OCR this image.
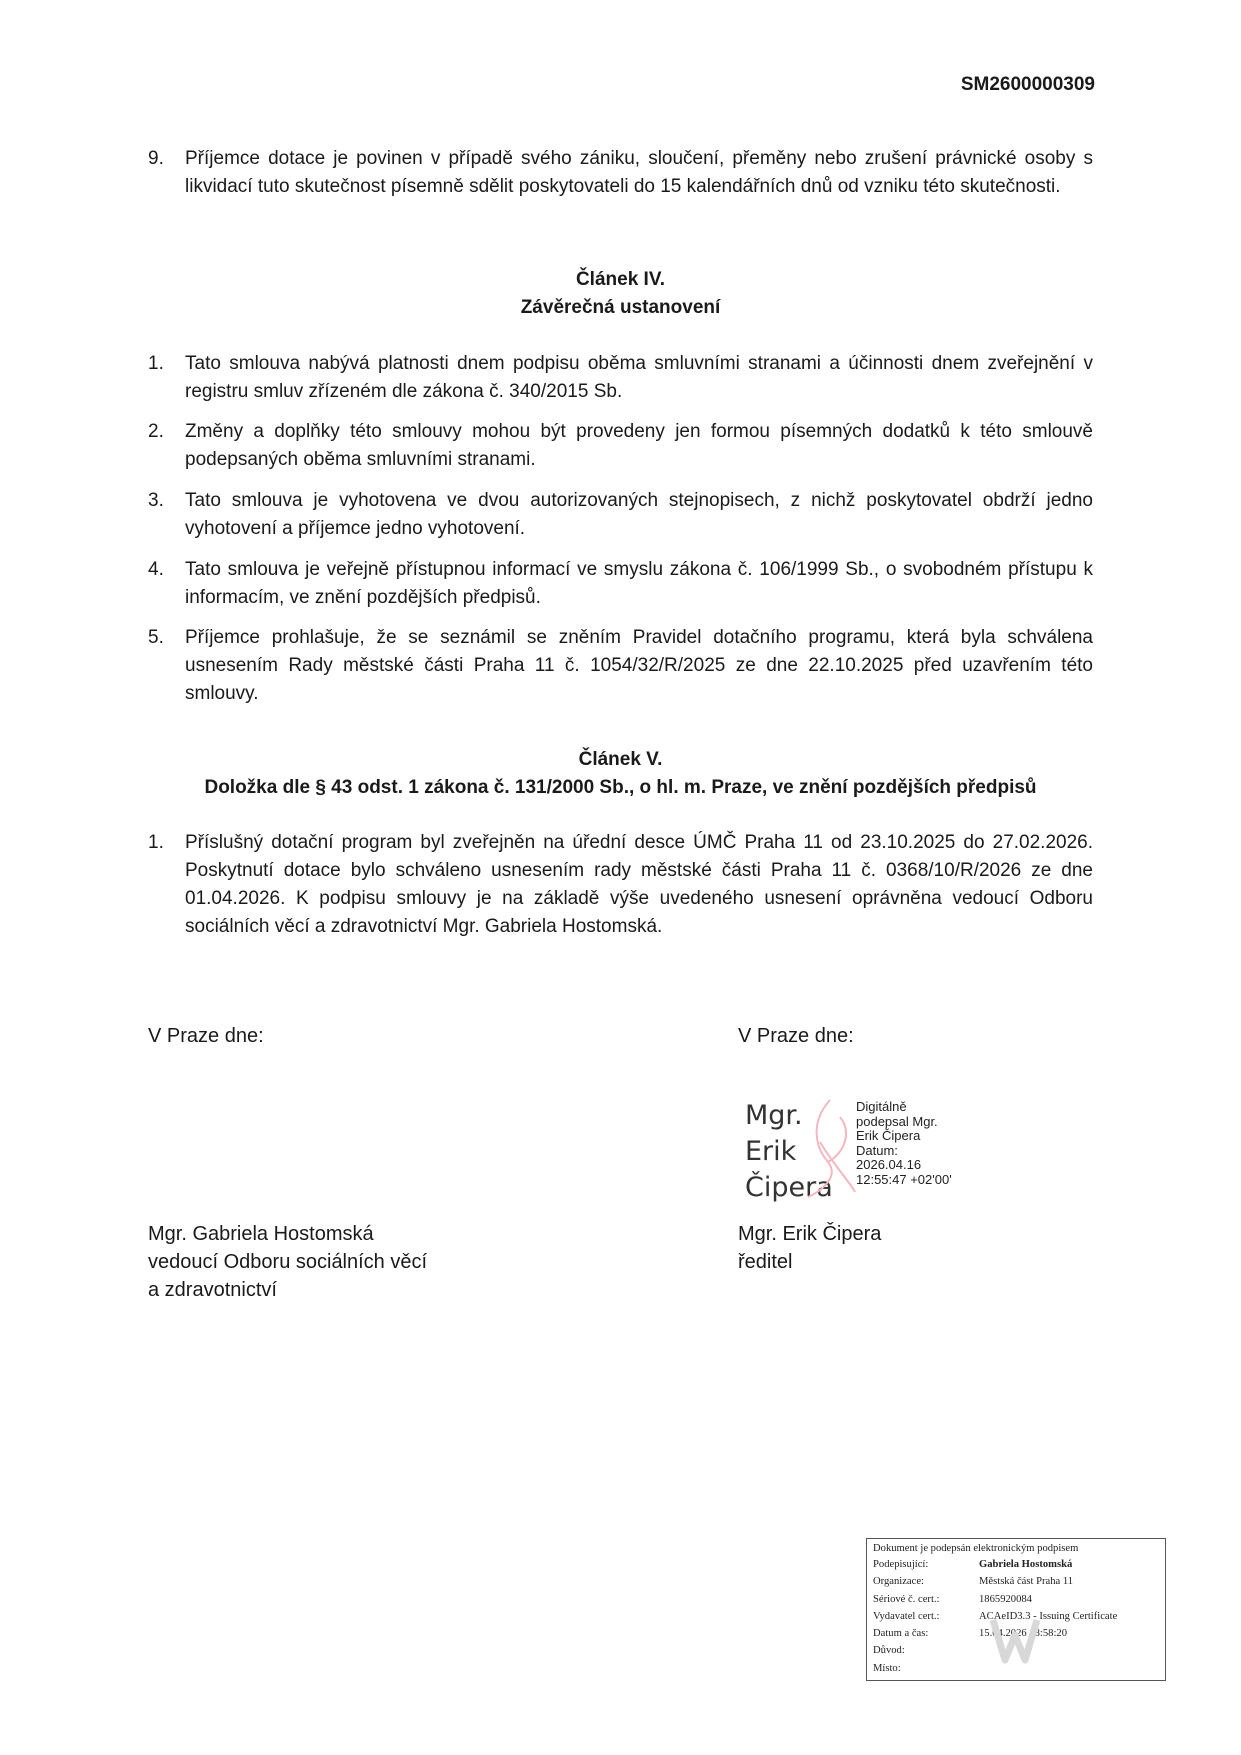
SM2600000309
9. Příjemce dotace je povinen v případě svého zániku, sloučení, přeměny nebo zrušení právnické osoby s likvidací tuto skutečnost písemně sdělit poskytovateli do 15 kalendářních dnů od vzniku této skutečnosti.
Článek IV.
Závěrečná ustanovení
1. Tato smlouva nabývá platnosti dnem podpisu oběma smluvními stranami a účinnosti dnem zveřejnění v registru smluv zřízeném dle zákona č. 340/2015 Sb.
2. Změny a doplňky této smlouvy mohou být provedeny jen formou písemných dodatků k této smlouvě podepsaných oběma smluvními stranami.
3. Tato smlouva je vyhotovena ve dvou autorizovaných stejnopisech, z nichž poskytovatel obdrží jedno vyhotovení a příjemce jedno vyhotovení.
4. Tato smlouva je veřejně přístupnou informací ve smyslu zákona č. 106/1999 Sb., o svobodném přístupu k informacím, ve znění pozdějších předpisů.
5. Příjemce prohlašuje, že se seznámil se zněním Pravidel dotačního programu, která byla schválena usnesením Rady městské části Praha 11 č. 1054/32/R/2025 ze dne 22.10.2025 před uzavřením této smlouvy.
Článek V.
Doložka dle § 43 odst. 1 zákona č. 131/2000 Sb., o hl. m. Praze, ve znění pozdějších předpisů
1. Příslušný dotační program byl zveřejněn na úřední desce ÚMČ Praha 11 od 23.10.2025 do 27.02.2026. Poskytnutí dotace bylo schváleno usnesením rady městské části Praha 11 č. 0368/10/R/2026 ze dne 01.04.2026. K podpisu smlouvy je na základě výše uvedeného usnesení oprávněna vedoucí Odboru sociálních věcí a zdravotnictví Mgr. Gabriela Hostomská.
V Praze dne:
Mgr. Gabriela Hostomská
vedoucí Odboru sociálních věcí
a zdravotnictví
V Praze dne:
Mgr.
Erik
Čipera
Digitálně
podepsal Mgr.
Erik Čipera
Datum:
2026.04.16
12:55:47 +02'00'
Mgr. Erik Čipera
ředitel
Dokument je podepsán elektronickým podpisem
Podepisující:	Gabriela Hostomská
Organizace:	Městská část Praha 11
Sériové č. cert.:	1865920084
Vydavatel cert.:	ACAeID3.3 - Issuing Certificate
Datum a čas:	15.04.2026 18:58:20
Důvod:
Místo:
